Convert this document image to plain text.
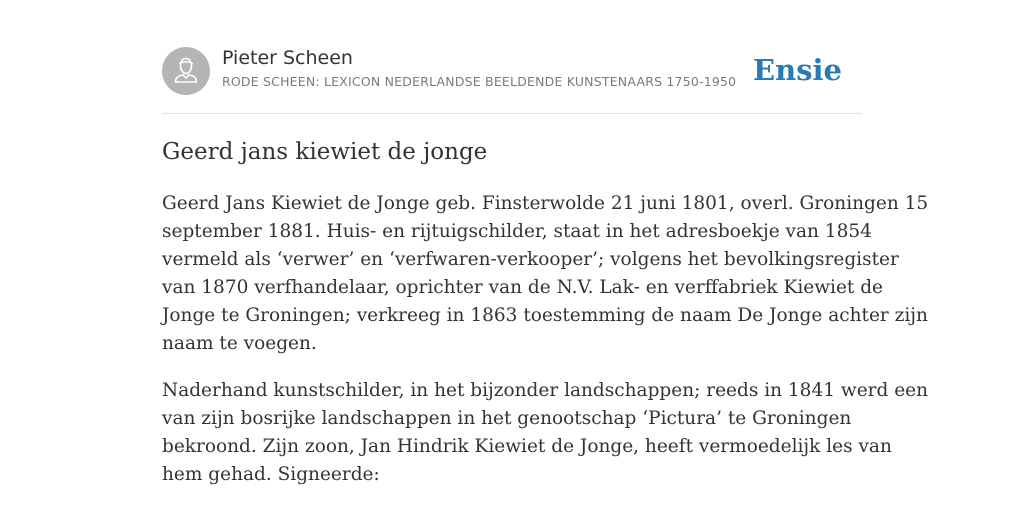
Pieter Scheen
RODE SCHEEN: LEXICON NEDERLANDSE BEELDENDE KUNSTENAARS 1750-1950 Ensie
Geerd jans kiewiet de jonge

Geerd Jans Kiewiet de Jonge geb. Finsterwolde 21 juni 1801, overl. Groningen 15
september 1881. Huis- en rijtuigschilder, staat in het adresboekje van 1854
vermeld als ‘verwer’ en ‘verfwaren-verkooper’; volgens het bevolkingsregister
van 1870 verfhandelaar, oprichter van de N.V. Lak- en verffabriek Kiewiet de
Jonge te Groningen; verkreeg in 1863 toestemming de naam De Jonge achter zijn
naam te voegen.

Naderhand kunstschilder, in het bijzonder landschappen; reeds in 1841 werd een
van zijn bosrijke landschappen in het genootschap ‘Pictura’ te Groningen
bekroond. Zijn zoon, Jan Hindrik Kiewiet de Jonge, heeft vermoedelijk les van
hem gehad. Signeerde:
